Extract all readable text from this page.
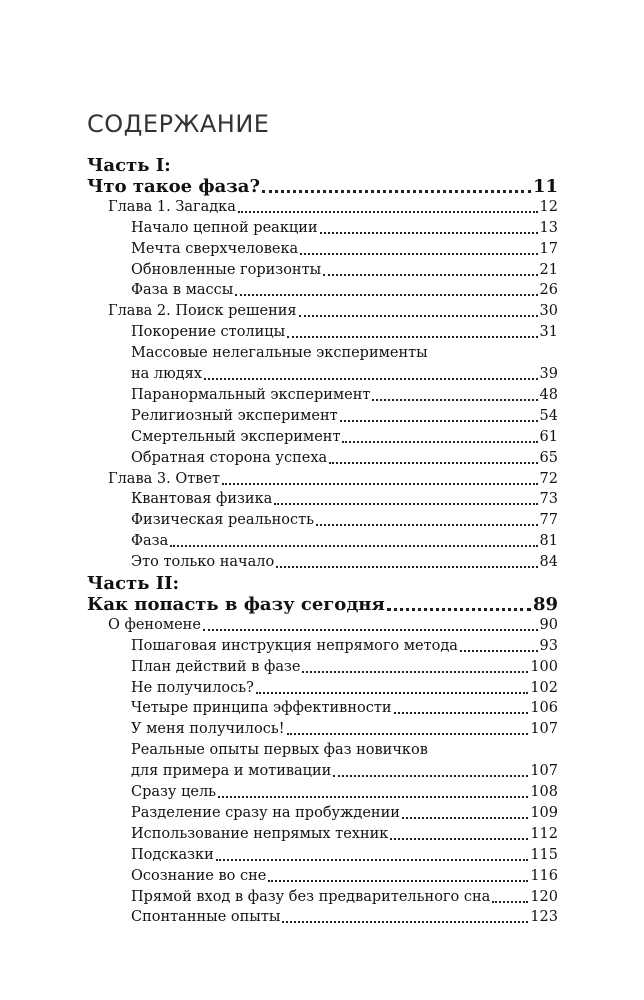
СОДЕРЖАНИЕ
Часть I:
Что такое фаза?	11
Глава 1. Загадка	12
Начало цепной реакции	13
Мечта сверхчеловека	17
Обновленные горизонты	21
Фаза в массы	26
Глава 2. Поиск решения	30
Покорение столицы	31
Массовые нелегальные эксперименты
на людях	39
Паранормальный эксперимент	48
Религиозный эксперимент	54
Смертельный эксперимент	61
Обратная сторона успеха	65
Глава 3. Ответ	72
Квантовая физика	73
Физическая реальность	77
Фаза	81
Это только начало	84
Часть II:
Как попасть в фазу сегодня	89
О феномене	90
Пошаговая инструкция непрямого метода	93
План действий в фазе	100
Не получилось?	102
Четыре принципа эффективности	106
У меня получилось!	107
Реальные опыты первых фаз новичков
для примера и мотивации	107
Сразу цель	108
Разделение сразу на пробуждении	109
Использование непрямых техник	112
Подсказки	115
Осознание во сне	116
Прямой вход в фазу без предварительного сна	120
Спонтанные опыты	123
